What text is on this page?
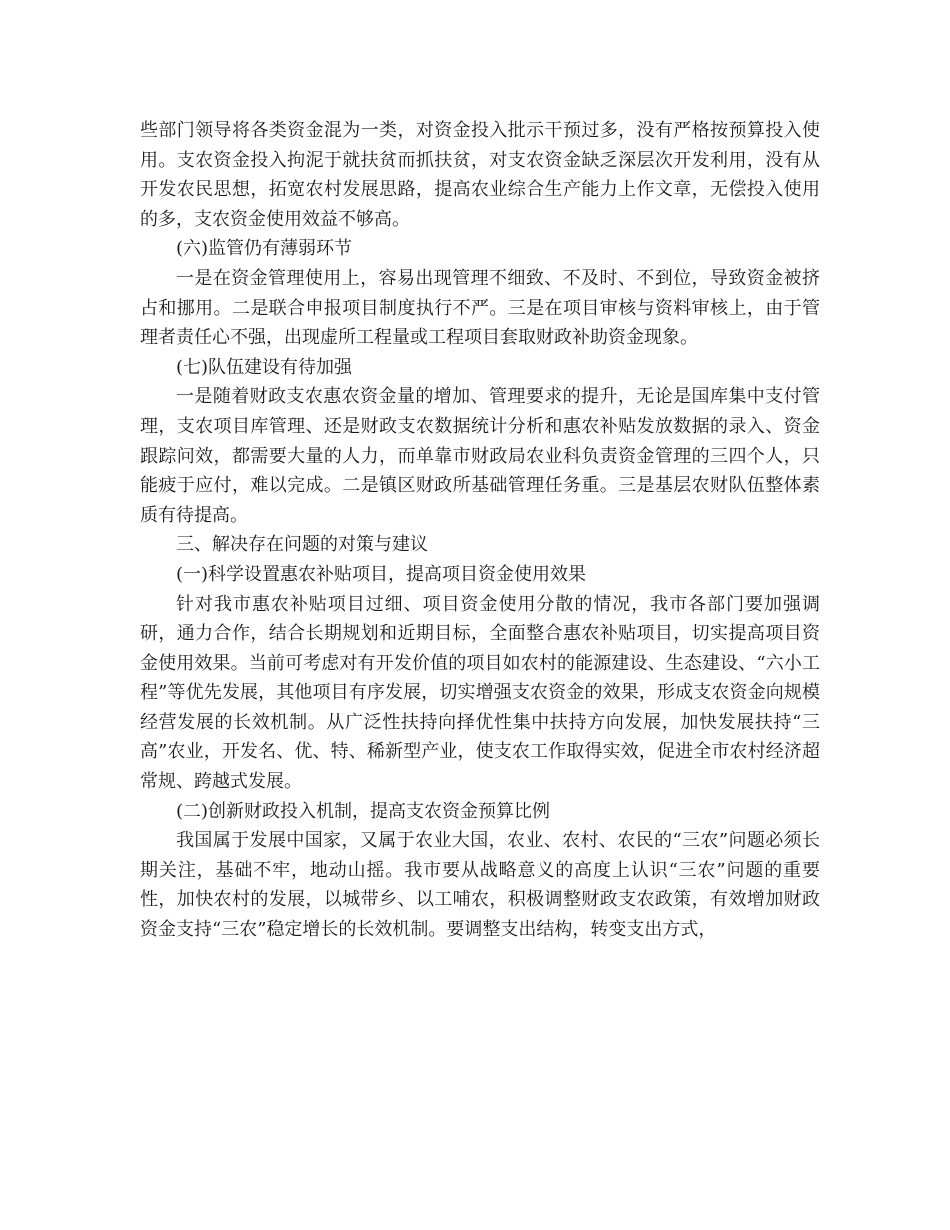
些部门领导将各类资金混为一类，对资金投入批示干预过多，没有严格按预算投入使用。支农资金投入拘泥于就扶贫而抓扶贫，对支农资金缺乏深层次开发利用，没有从开发农民思想，拓宽农村发展思路，提高农业综合生产能力上作文章，无偿投入使用的多，支农资金使用效益不够高。

(六)监管仍有薄弱环节

一是在资金管理使用上，容易出现管理不细致、不及时、不到位，导致资金被挤占和挪用。二是联合申报项目制度执行不严。三是在项目审核与资料审核上，由于管理者责任心不强，出现虚所工程量或工程项目套取财政补助资金现象。

(七)队伍建设有待加强

一是随着财政支农惠农资金量的增加、管理要求的提升，无论是国库集中支付管理，支农项目库管理、还是财政支农数据统计分析和惠农补贴发放数据的录入、资金跟踪问效，都需要大量的人力，而单靠市财政局农业科负责资金管理的三四个人，只能疲于应付，难以完成。二是镇区财政所基础管理任务重。三是基层农财队伍整体素质有待提高。

三、解决存在问题的对策与建议

(一)科学设置惠农补贴项目，提高项目资金使用效果

针对我市惠农补贴项目过细、项目资金使用分散的情况，我市各部门要加强调研，通力合作，结合长期规划和近期目标，全面整合惠农补贴项目，切实提高项目资金使用效果。当前可考虑对有开发价值的项目如农村的能源建设、生态建设、“六小工程”等优先发展，其他项目有序发展，切实增强支农资金的效果，形成支农资金向规模经营发展的长效机制。从广泛性扶持向择优性集中扶持方向发展，加快发展扶持“三高”农业，开发名、优、特、稀新型产业，使支农工作取得实效，促进全市农村经济超常规、跨越式发展。

(二)创新财政投入机制，提高支农资金预算比例

我国属于发展中国家，又属于农业大国，农业、农村、农民的“三农”问题必须长期关注，基础不牢，地动山摇。我市要从战略意义的高度上认识“三农”问题的重要性，加快农村的发展，以城带乡、以工哺农，积极调整财政支农政策，有效增加财政资金支持“三农”稳定增长的长效机制。要调整支出结构，转变支出方式，
